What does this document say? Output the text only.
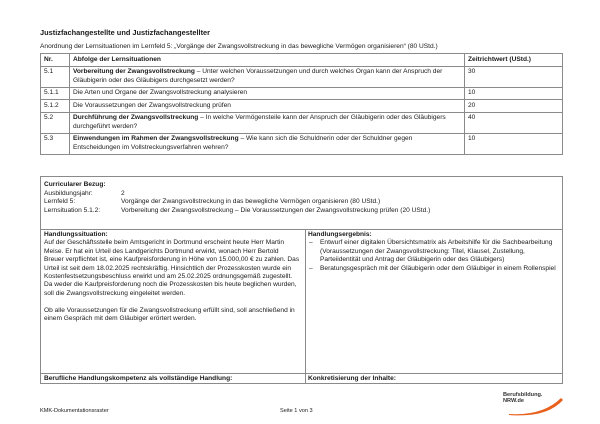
Justizfachangestellte und Justizfachangestellter
Anordnung der Lernsituationen im Lernfeld 5: „Vorgänge der Zwangsvollstreckung in das bewegliche Vermögen organisieren“ (80 UStd.)
Nr.	Abfolge der Lernsituationen	Zeitrichtwert (UStd.)
5.1	Vorbereitung der Zwangsvollstreckung – Unter welchen Voraussetzungen und durch welches Organ kann der Anspruch der Gläubigerin oder des Gläubigers durchgesetzt werden?	30
5.1.1	Die Arten und Organe der Zwangsvollstreckung analysieren	10
5.1.2	Die Voraussetzungen der Zwangsvollstreckung prüfen	20
5.2	Durchführung der Zwangsvollstreckung – In welche Vermögensteile kann der Anspruch der Gläubigerin oder des Gläubigers durchgeführt werden?	40
5.3	Einwendungen im Rahmen der Zwangsvollstreckung – Wie kann sich die Schuldnerin oder der Schuldner gegen Entscheidungen im Vollstreckungsverfahren wehren?	10
Curricularer Bezug:
Ausbildungsjahr:	2
Lernfeld 5:	Vorgänge der Zwangsvollstreckung in das bewegliche Vermögen organisieren (80 UStd.)
Lernsituation 5.1.2:	Vorbereitung der Zwangsvollstreckung – Die Voraussetzungen der Zwangsvollstreckung prüfen (20 UStd.)
Handlungssituation:

Auf der Geschäftsstelle beim Amtsgericht in Dortmund erscheint heute Herr Martin Meise. Er hat ein Urteil des Landgerichts Dortmund erwirkt, wonach Herr Bertold Breuer verpflichtet ist, eine Kaufpreisforderung in Höhe von 15.000,00 € zu zahlen. Das Urteil ist seit dem 18.02.2025 rechtskräftig. Hinsichtlich der Prozesskosten wurde ein Kostenfestsetzungsbeschluss erwirkt und am 25.02.2025 ordnungsgemäß zugestellt. Da weder die Kaufpreisforderung noch die Prozesskosten bis heute beglichen wurden, soll die Zwangsvollstreckung eingeleitet werden.

Ob alle Voraussetzungen für die Zwangsvollstreckung erfüllt sind, soll anschließend in einem Gespräch mit dem Gläubiger erörtert werden.

Handlungsergebnis:
– Entwurf einer digitalen Übersichtsmatrix als Arbeitshilfe für die Sachbearbeitung (Voraussetzungen der Zwangsvollstreckung: Titel, Klausel, Zustellung, Parteiidentität und Antrag der Gläubigerin oder des Gläubigers)
– Beratungsgespräch mit der Gläubigerin oder dem Gläubiger in einem Rollenspiel
Berufliche Handlungskompetenz als vollständige Handlung:	Konkretisierung der Inhalte:
KMK-Dokumentationsraster	Seite 1 von 3
Berufsbildung.
NRW.de
